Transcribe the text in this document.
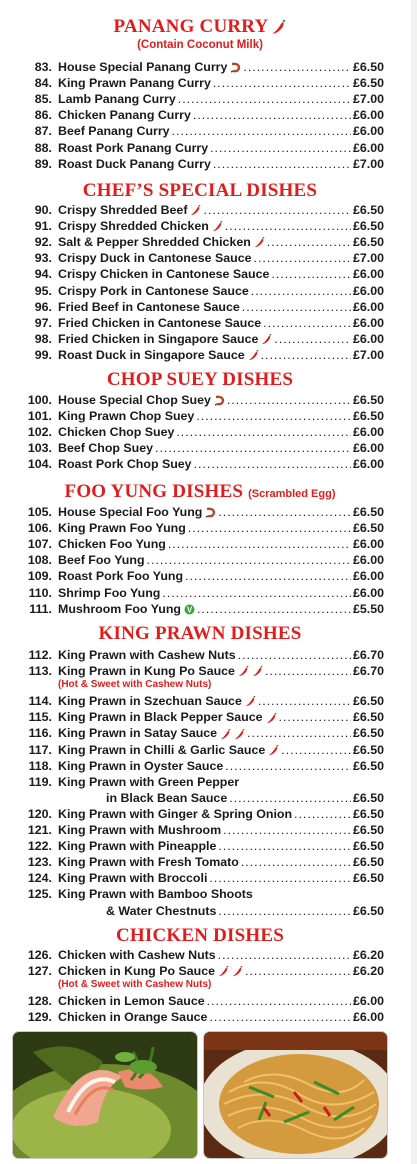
PANANG CURRY
(Contain Coconut Milk)
83. House Special Panang Curry .....	£6.50
84. King Prawn Panang Curry .....	£6.50
85. Lamb Panang Curry .....	£7.00
86. Chicken Panang Curry .....	£6.00
87. Beef Panang Curry .....	£6.00
88. Roast Pork Panang Curry .....	£6.00
89. Roast Duck Panang Curry .....	£7.00
CHEF’S SPECIAL DISHES
90. Crispy Shredded Beef .....	£6.50
91. Crispy Shredded Chicken .....	£6.50
92. Salt & Pepper Shredded Chicken .....	£6.50
93. Crispy Duck in Cantonese Sauce .....	£7.00
94. Crispy Chicken in Cantonese Sauce .....	£6.00
95. Crispy Pork in Cantonese Sauce .....	£6.00
96. Fried Beef in Cantonese Sauce .....	£6.00
97. Fried Chicken in Cantonese Sauce .....	£6.00
98. Fried Chicken in Singapore Sauce .....	£6.00
99. Roast Duck in Singapore Sauce .....	£7.00
CHOP SUEY DISHES
100. House Special Chop Suey .....	£6.50
101. King Prawn Chop Suey .....	£6.50
102. Chicken Chop Suey .....	£6.00
103. Beef Chop Suey .....	£6.00
104. Roast Pork Chop Suey .....	£6.00
FOO YUNG DISHES (Scrambled Egg)
105. House Special Foo Yung .....	£6.50
106. King Prawn Foo Yung .....	£6.50
107. Chicken Foo Yung .....	£6.00
108. Beef Foo Yung .....	£6.00
109. Roast Pork Foo Yung .....	£6.00
110. Shrimp Foo Yung .....	£6.00
111. Mushroom Foo Yung V .....	£5.50
KING PRAWN DISHES
112. King Prawn with Cashew Nuts .....	£6.70
113. King Prawn in Kung Po Sauce .....	£6.70
(Hot & Sweet with Cashew Nuts)
114. King Prawn in Szechuan Sauce .....	£6.50
115. King Prawn in Black Pepper Sauce .....	£6.50
116. King Prawn in Satay Sauce .....	£6.50
117. King Prawn in Chilli & Garlic Sauce .....	£6.50
118. King Prawn in Oyster Sauce .....	£6.50
119. King Prawn with Green Pepper
in Black Bean Sauce .....	£6.50
120. King Prawn with Ginger & Spring Onion .....	£6.50
121. King Prawn with Mushroom .....	£6.50
122. King Prawn with Pineapple .....	£6.50
123. King Prawn with Fresh Tomato .....	£6.50
124. King Prawn with Broccoli .....	£6.50
125. King Prawn with Bamboo Shoots
& Water Chestnuts .....	£6.50
CHICKEN DISHES
126. Chicken with Cashew Nuts .....	£6.20
127. Chicken in Kung Po Sauce .....	£6.20
(Hot & Sweet with Cashew Nuts)
128. Chicken in Lemon Sauce .....	£6.00
129. Chicken in Orange Sauce .....	£6.00
